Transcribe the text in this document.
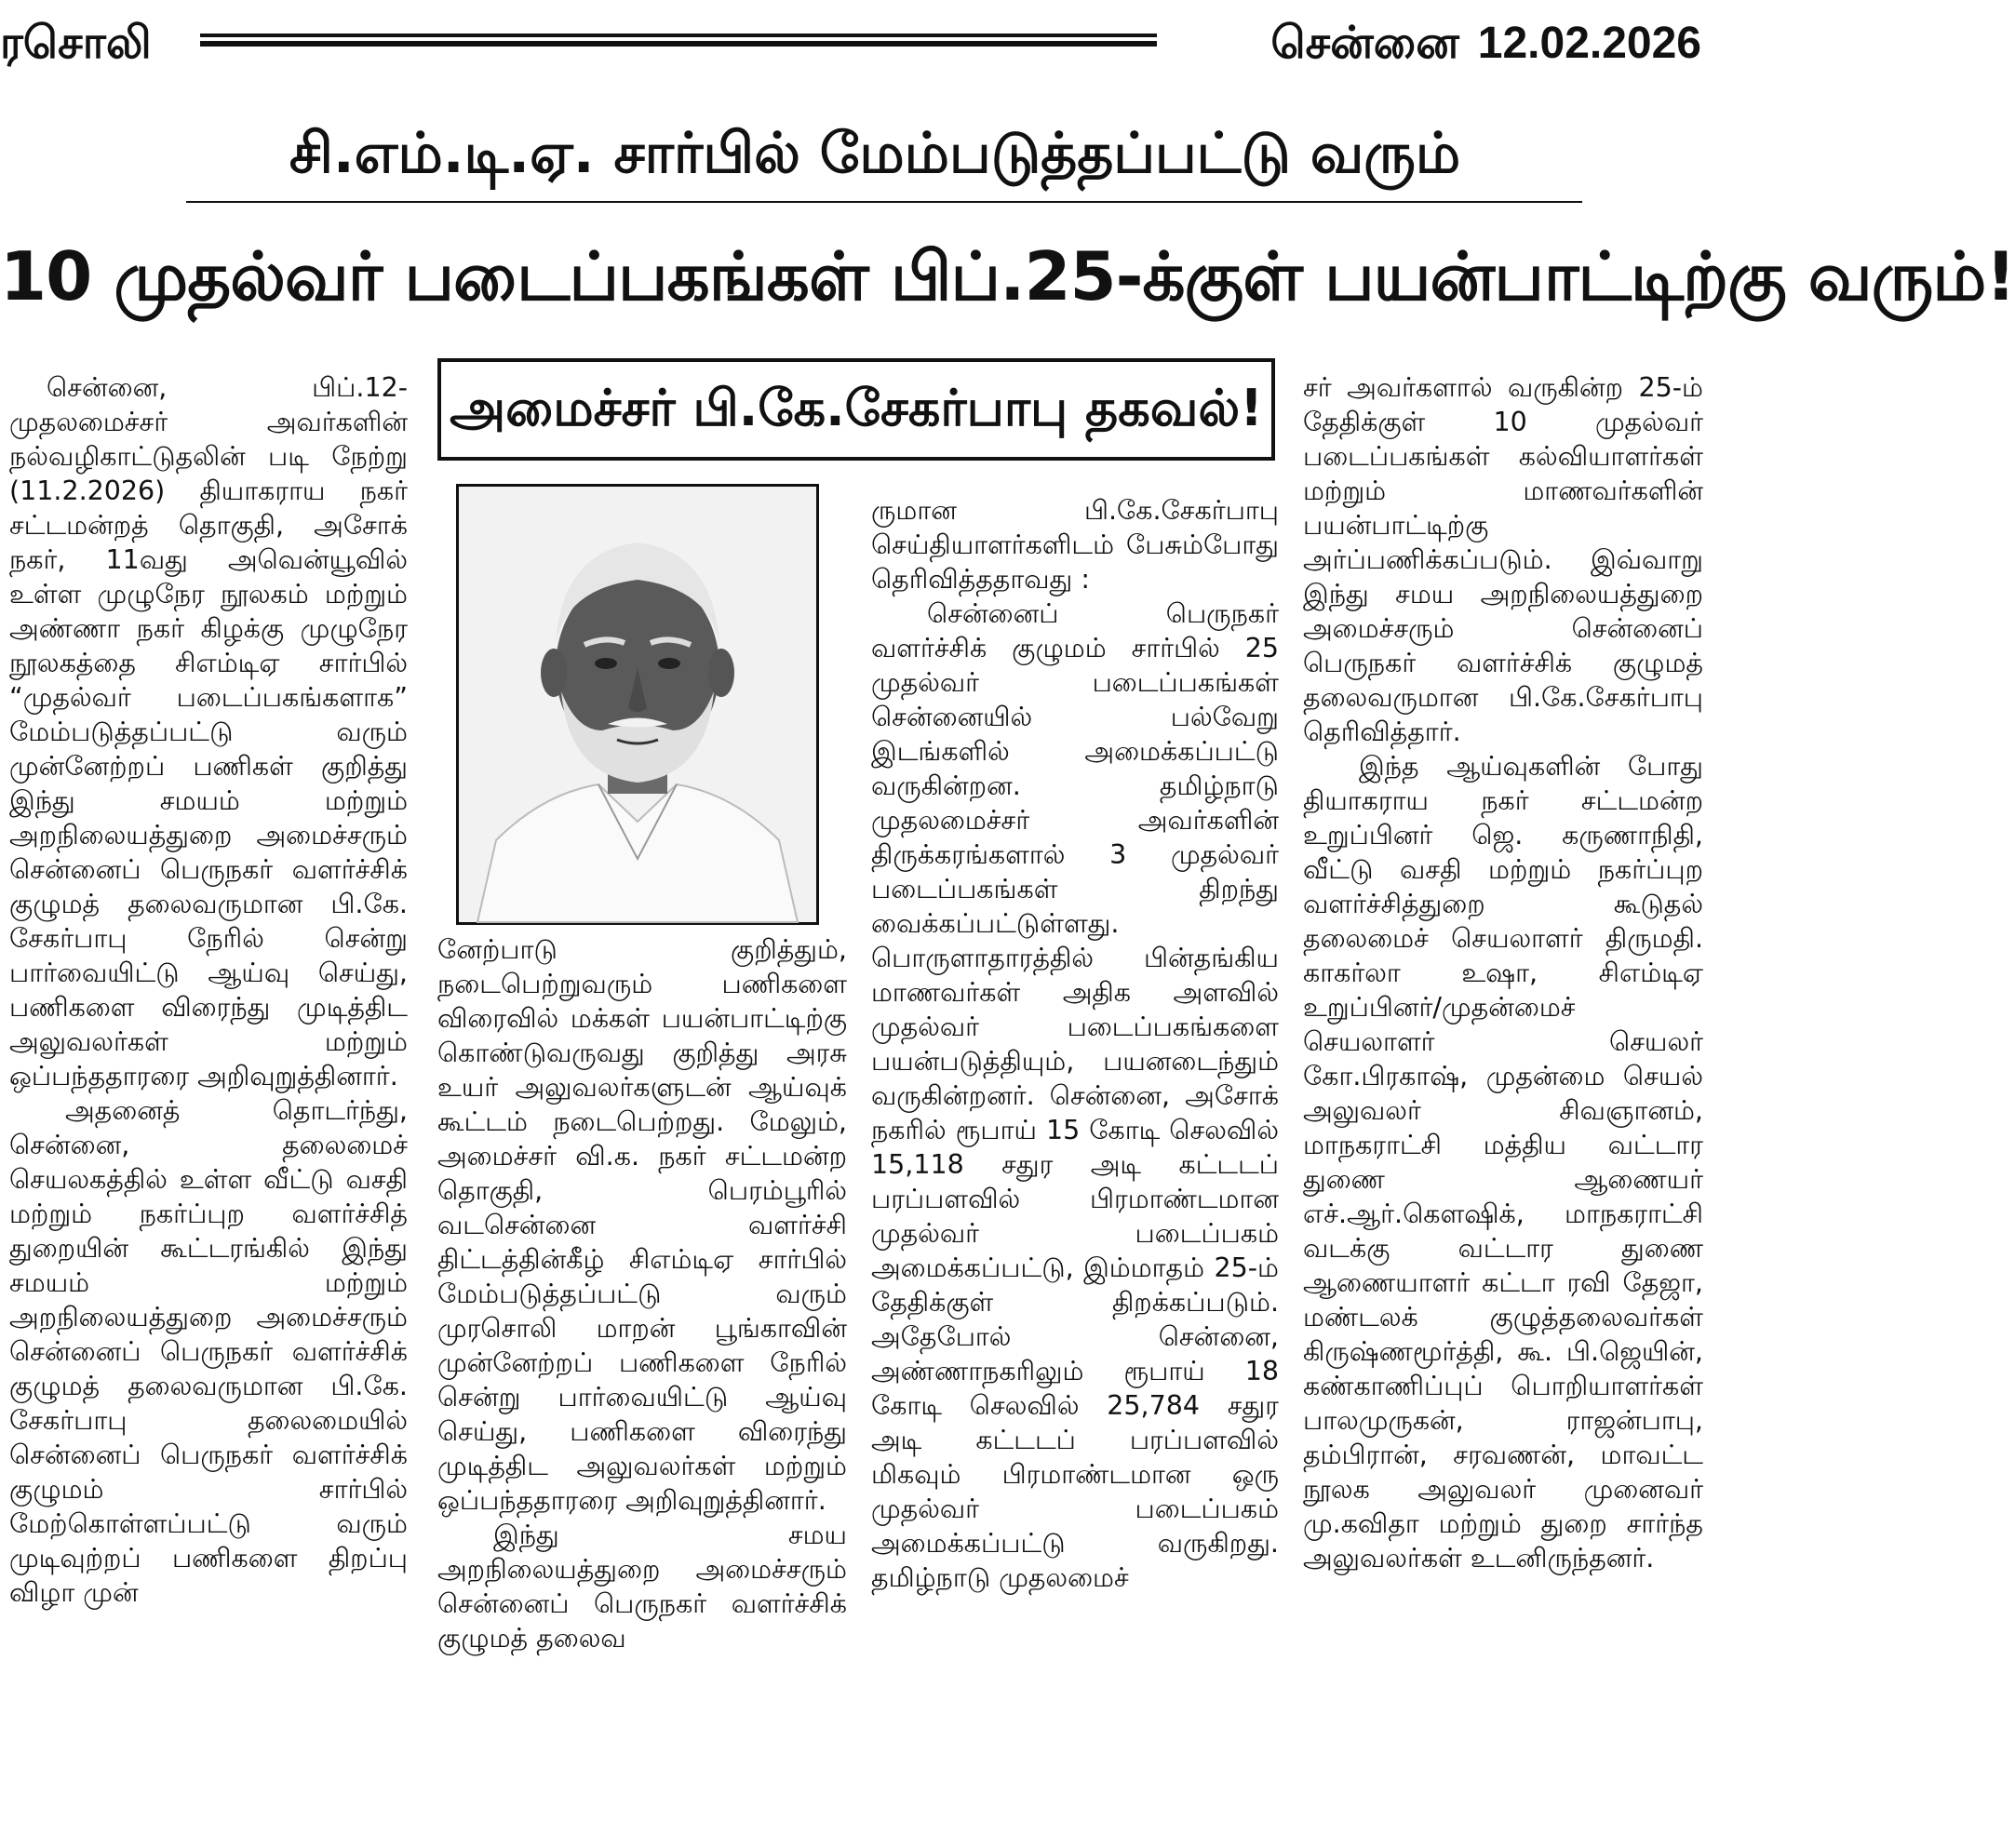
ரசொலி	சென்னை 12.02.2026
சி.எம்.டி.ஏ. சார்பில் மேம்படுத்தப்பட்டு வரும்
10 முதல்வர் படைப்பகங்கள் பிப்.25-க்குள் பயன்பாட்டிற்கு வரும்!
அமைச்சர் பி.கே.சேகர்பாபு தகவல்!

சென்னை, பிப்.12- முதலமைச்சர் அவர்களின் நல்வழிகாட்டுதலின் படி நேற்று (11.2.2026) தியாகராய நகர் சட்டமன்றத் தொகுதி, அசோக் நகர், 11வது அவென்யூவில் உள்ள முழுநேர நூலகம் மற்றும் அண்ணா நகர் கிழக்கு முழுநேர நூலகத்தை சிஎம்டிஏ சார்பில் “முதல்வர் படைப்பகங்களாக” மேம்படுத்தப்பட்டு வரும் முன்னேற்றப் பணிகள் குறித்து இந்து சமயம் மற்றும் அறநிலையத்துறை அமைச்சரும் சென்னைப் பெருநகர் வளர்ச்சிக் குழுமத் தலைவருமான பி.கே. சேகர்பாபு நேரில் சென்று பார்வையிட்டு ஆய்வு செய்து, பணிகளை விரைந்து முடித்திட அலுவலர்கள் மற்றும் ஒப்பந்ததாரரை அறிவுறுத்தினார்.

அதனைத் தொடர்ந்து, சென்னை, தலைமைச் செயலகத்தில் உள்ள வீட்டு வசதி மற்றும் நகர்ப்புற வளர்ச்சித் துறையின் கூட்டரங்கில் இந்து சமயம் மற்றும் அறநிலையத்துறை அமைச்சரும் சென்னைப் பெருநகர் வளர்ச்சிக் குழுமத் தலைவருமான பி.கே. சேகர்பாபு தலைமையில் சென்னைப் பெருநகர் வளர்ச்சிக் குழுமம் சார்பில் மேற்கொள்ளப்பட்டு வரும் முடிவுற்றப் பணிகளை திறப்பு விழா முன்

னேற்பாடு குறித்தும், நடைபெற்றுவரும் பணிகளை விரைவில் மக்கள் பயன்பாட்டிற்கு கொண்டுவருவது குறித்து அரசு உயர் அலுவலர்களுடன் ஆய்வுக் கூட்டம் நடைபெற்றது. மேலும், அமைச்சர் வி.க. நகர் சட்டமன்ற தொகுதி, பெரம்பூரில் வடசென்னை வளர்ச்சி திட்டத்தின்கீழ் சிஎம்டிஏ சார்பில் மேம்படுத்தப்பட்டு வரும் முரசொலி மாறன் பூங்காவின் முன்னேற்றப் பணிகளை நேரில் சென்று பார்வையிட்டு ஆய்வு செய்து, பணிகளை விரைந்து முடித்திட அலுவலர்கள் மற்றும் ஒப்பந்ததாரரை அறிவுறுத்தினார்.

இந்து சமய அறநிலையத்துறை அமைச்சரும் சென்னைப் பெருநகர் வளர்ச்சிக் குழுமத் தலைவ

ருமான பி.கே.சேகர்பாபு செய்தியாளர்களிடம் பேசும்போது தெரிவித்ததாவது :

சென்னைப் பெருநகர் வளர்ச்சிக் குழுமம் சார்பில் 25 முதல்வர் படைப்பகங்கள் சென்னையில் பல்வேறு இடங்களில் அமைக்கப்பட்டு வருகின்றன. தமிழ்நாடு முதலமைச்சர் அவர்களின் திருக்கரங்களால் 3 முதல்வர் படைப்பகங்கள் திறந்து வைக்கப்பட்டுள்ளது. பொருளாதாரத்தில் பின்தங்கிய மாணவர்கள் அதிக அளவில் முதல்வர் படைப்பகங்களை பயன்படுத்தியும், பயனடைந்தும் வருகின்றனர். சென்னை, அசோக் நகரில் ரூபாய் 15 கோடி செலவில் 15,118 சதுர அடி கட்டடப் பரப்பளவில் பிரமாண்டமான முதல்வர் படைப்பகம் அமைக்கப்பட்டு, இம்மாதம் 25-ம் தேதிக்குள் திறக்கப்படும். அதேபோல் சென்னை, அண்ணாநகரிலும் ரூபாய் 18 கோடி செலவில் 25,784 சதுர அடி கட்டடப் பரப்பளவில் மிகவும் பிரமாண்டமான ஒரு முதல்வர் படைப்பகம் அமைக்கப்பட்டு வருகிறது. தமிழ்நாடு முதலமைச்

சர் அவர்களால் வருகின்ற 25-ம் தேதிக்குள் 10 முதல்வர் படைப்பகங்கள் கல்வியாளர்கள் மற்றும் மாணவர்களின் பயன்பாட்டிற்கு அர்ப்பணிக்கப்படும். இவ்வாறு இந்து சமய அறநிலையத்துறை அமைச்சரும் சென்னைப் பெருநகர் வளர்ச்சிக் குழுமத் தலைவருமான பி.கே.சேகர்பாபு தெரிவித்தார்.

இந்த ஆய்வுகளின் போது தியாகராய நகர் சட்டமன்ற உறுப்பினர் ஜெ. கருணாநிதி, வீட்டு வசதி மற்றும் நகர்ப்புற வளர்ச்சித்துறை கூடுதல் தலைமைச் செயலாளர் திருமதி. காகர்லா உஷா, சிஎம்டிஏ உறுப்பினர்/முதன்மைச் செயலாளர் செயலர் கோ.பிரகாஷ், முதன்மை செயல் அலுவலர் சிவஞானம், மாநகராட்சி மத்திய வட்டார துணை ஆணையர் எச்.ஆர்.கௌஷிக், மாநகராட்சி வடக்கு வட்டார துணை ஆணையாளர் கட்டா ரவி தேஜா, மண்டலக் குழுத்தலைவர்கள் கிருஷ்ணமூர்த்தி, கூ. பி.ஜெயின், கண்காணிப்புப் பொறியாளர்கள் பாலமுருகன், ராஜன்பாபு, தம்பிரான், சரவணன், மாவட்ட நூலக அலுவலர் முனைவர் மு.கவிதா மற்றும் துறை சார்ந்த அலுவலர்கள் உடனிருந்தனர்.
